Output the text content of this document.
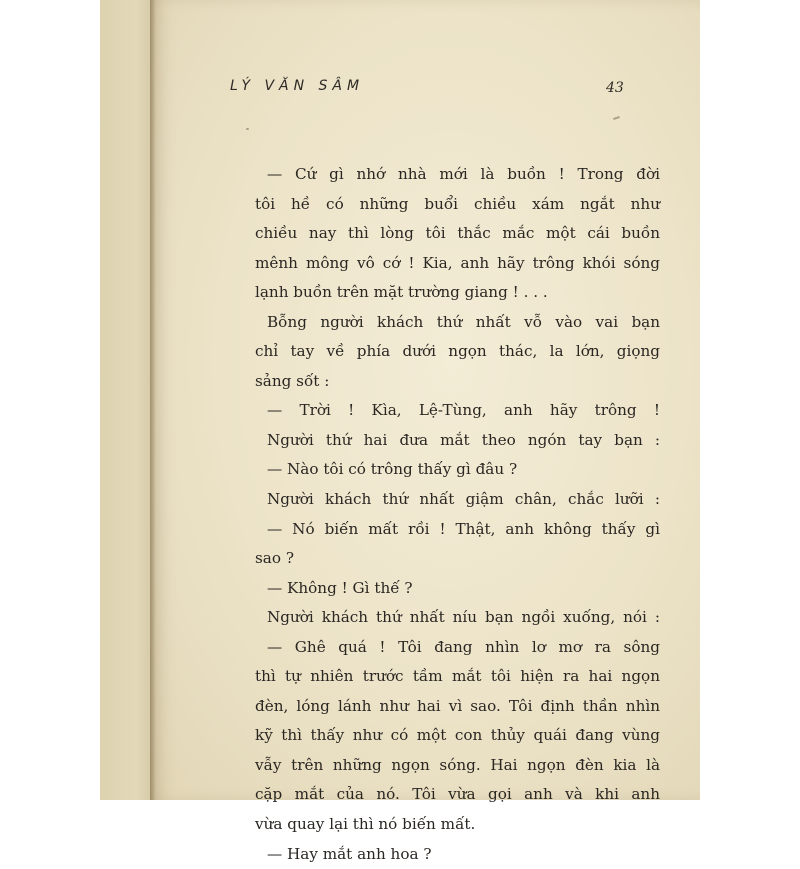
LÝ VĂN SÂM	43
— Cứ gì nhớ nhà mới là buồn ! Trong đời
tôi hề có những buổi chiều xám ngắt như
chiều nay thì lòng tôi thắc mắc một cái buồn
mênh mông vô cớ ! Kia, anh hãy trông khói sóng
lạnh buồn trên mặt trường giang ! . . .
Bỗng người khách thứ nhất vỗ vào vai bạn
chỉ tay về phía dưới ngọn thác, la lớn, giọng
sảng sốt :
— Trời ! Kìa, Lệ-Tùng, anh hãy trông !
Người thứ hai đưa mắt theo ngón tay bạn :
— Nào tôi có trông thấy gì đâu ?
Người khách thứ nhất giậm chân, chắc lưỡi :
— Nó biến mất rồi ! Thật, anh không thấy gì
sao ?
— Không ! Gì thế ?
Người khách thứ nhất níu bạn ngồi xuống, nói :
— Ghê quá ! Tôi đang nhìn lơ mơ ra sông
thì tự nhiên trước tầm mắt tôi hiện ra hai ngọn
đèn, lóng lánh như hai vì sao. Tôi định thần nhìn
kỹ thì thấy như có một con thủy quái đang vùng
vẫy trên những ngọn sóng. Hai ngọn đèn kia là
cặp mắt của nó. Tôi vừa gọi anh và khi anh
vừa quay lại thì nó biến mất.
— Hay mắt anh hoa ?
